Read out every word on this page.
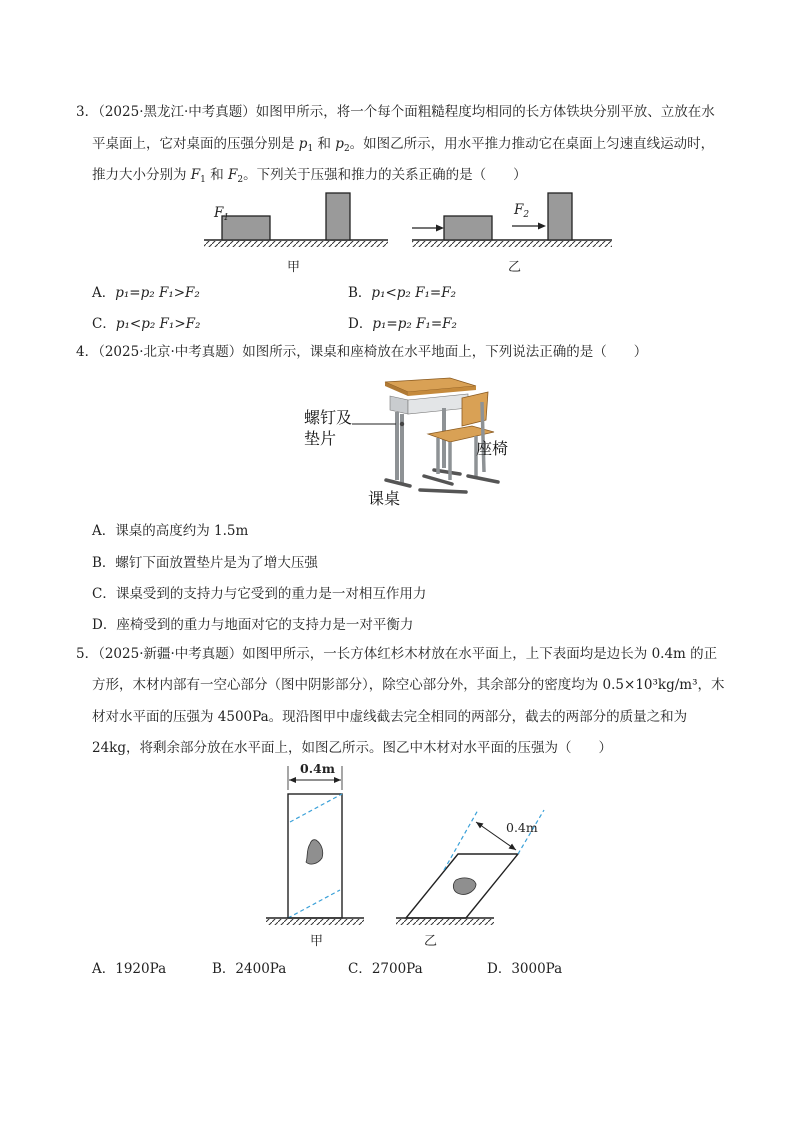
3．（2025·黑龙江·中考真题）如图甲所示，将一个每个面粗糙程度均相同的长方体铁块分别平放、立放在水
平桌面上，它对桌面的压强分别是 $p_1$ 和 $p_2$。如图乙所示，用水平推力推动它在桌面上匀速直线运动时，
推力大小分别为 $F_1$ 和 $F_2$。下列关于压强和推力的关系正确的是（　　）
$F_1$	$F_2$
甲	乙
A．p₁=p₂ F₁>F₂	B．p₁<p₂ F₁=F₂
C．p₁<p₂ F₁>F₂	D．p₁=p₂ F₁=F₂
4．（2025·北京·中考真题）如图所示，课桌和座椅放在水平地面上，下列说法正确的是（　　）
螺钉及
垫片
座椅
课桌
A．课桌的高度约为 1.5m
B．螺钉下面放置垫片是为了增大压强
C．课桌受到的支持力与它受到的重力是一对相互作用力
D．座椅受到的重力与地面对它的支持力是一对平衡力
5．（2025·新疆·中考真题）如图甲所示，一长方体红杉木材放在水平面上，上下表面均是边长为 0.4m 的正
方形，木材内部有一空心部分（图中阴影部分），除空心部分外，其余部分的密度均为 0.5×10³kg/m³，木
材对水平面的压强为 4500Pa。现沿图甲中虚线截去完全相同的两部分，截去的两部分的质量之和为
24kg，将剩余部分放在水平面上，如图乙所示。图乙中木材对水平面的压强为（　　）
0.4m
0.4m
甲	乙
A．1920Pa	B．2400Pa	C．2700Pa	D．3000Pa
